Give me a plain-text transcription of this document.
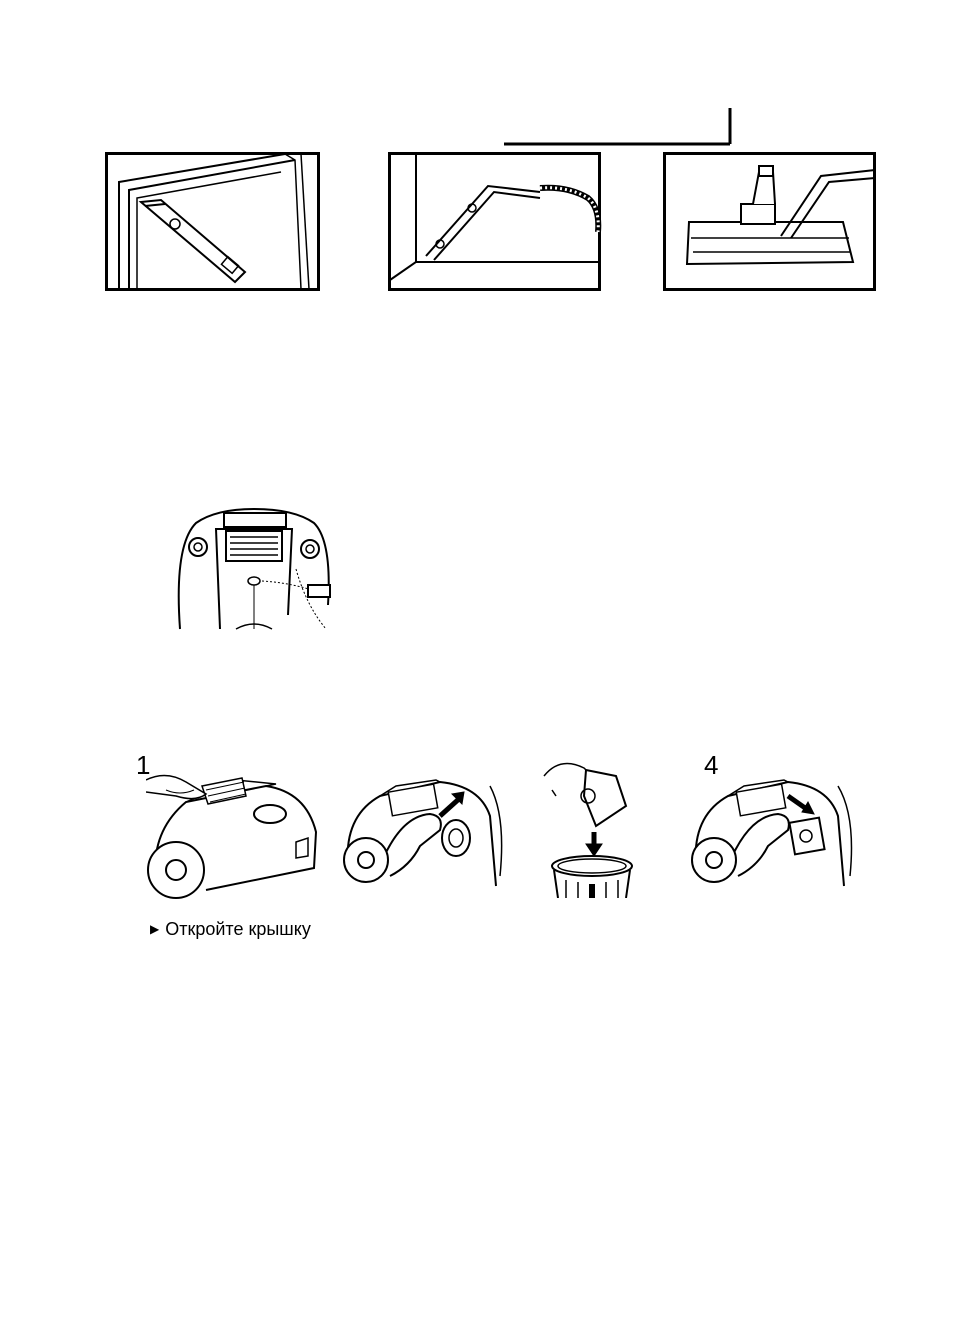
1	4
▶ Откройте крышку
